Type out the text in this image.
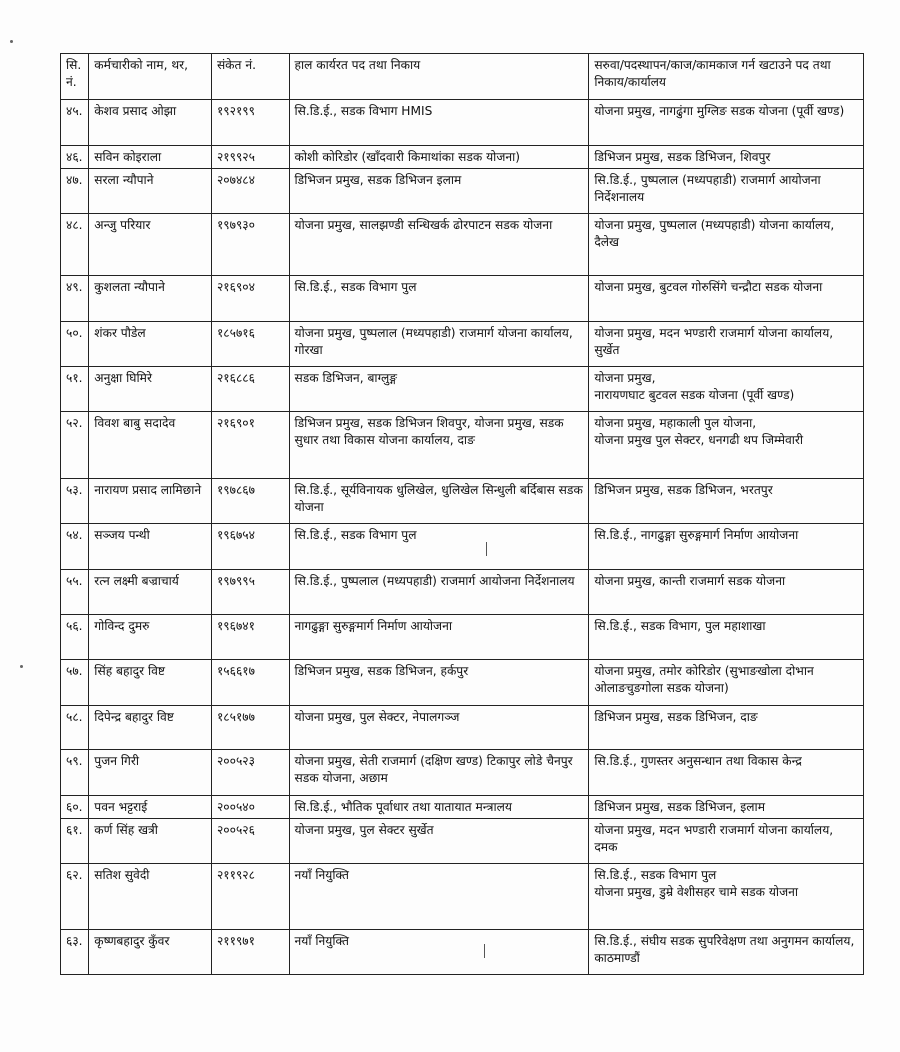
सि. नं.	कर्मचारीको नाम, थर,	संकेत नं.	हाल कार्यरत पद तथा निकाय	सरुवा/पदस्थापन/काज/कामकाज गर्न खटाउने पद तथा निकाय/कार्यालय
४५.	केशव प्रसाद ओझा	१९२१९९	सि.डि.ई., सडक विभाग HMIS	योजना प्रमुख, नागढुंगा मुग्लिङ सडक योजना (पूर्वी खण्ड)

४६.	सविन कोइराला	२१९९२५	कोशी कोरिडोर (खाँदवारी किमाथांका सडक योजना)	डिभिजन प्रमुख, सडक डिभिजन, शिवपुर

४७.	सरला न्यौपाने	२०७४८४	डिभिजन प्रमुख, सडक डिभिजन इलाम	सि.डि.ई., पुष्पलाल (मध्यपहाडी) राजमार्ग आयोजना निर्देशनालय

४८.	अन्जु परियार	१९७९३०	योजना प्रमुख, सालझण्डी सन्धिखर्क ढोरपाटन सडक योजना	योजना प्रमुख, पुष्पलाल (मध्यपहाडी) योजना कार्यालय, दैलेख

४९.	कुशलता न्यौपाने	२१६९०४	सि.डि.ई., सडक विभाग पुल	योजना प्रमुख, बुटवल गोरुसिंगे चन्द्रौटा सडक योजना

५०.	शंकर पौडेल	१८५७१६	योजना प्रमुख, पुष्पलाल (मध्यपहाडी) राजमार्ग योजना कार्यालय, गोरखा	योजना प्रमुख, मदन भण्डारी राजमार्ग योजना कार्यालय, सुर्खेत

५१.	अनुक्षा घिमिरे	२१६८८६	सडक डिभिजन, बाग्लुङ्ग	योजना प्रमुख,
नारायणघाट बुटवल सडक योजना (पूर्वी खण्ड)

५२.	विवश बाबु सदादेव	२१६९०१	डिभिजन प्रमुख, सडक डिभिजन शिवपुर, योजना प्रमुख, सडक सुधार तथा विकास योजना कार्यालय, दाङ	योजना प्रमुख, महाकाली पुल योजना,
योजना प्रमुख पुल सेक्टर, धनगढी थप जिम्मेवारी

५३.	नारायण प्रसाद लामिछाने	१९७८६७	सि.डि.ई., सूर्यविनायक धुलिखेल, धुलिखेल सिन्धुली बर्दिबास सडक योजना	डिभिजन प्रमुख, सडक डिभिजन, भरतपुर

५४.	सञ्जय पन्थी	१९६७५४	सि.डि.ई., सडक विभाग पुल	सि.डि.ई., नागढुङ्गा सुरुङ्गमार्ग निर्माण आयोजना

५५.	रत्न लक्ष्मी बज्राचार्य	१९७९९५	सि.डि.ई., पुष्पलाल (मध्यपहाडी) राजमार्ग आयोजना निर्देशनालय	योजना प्रमुख, कान्ती राजमार्ग सडक योजना

५६.	गोविन्द दुमरु	१९६७४१	नागढुङ्गा सुरुङ्गमार्ग निर्माण आयोजना	सि.डि.ई., सडक विभाग, पुल महाशाखा

५७.	सिंह बहादुर विष्ट	१५६६१७	डिभिजन प्रमुख, सडक डिभिजन, हर्कपुर	योजना प्रमुख, तमोर कोरिडोर (सुभाङखोला दोभान ओलाङचुङगोला सडक योजना)

५८.	दिपेन्द्र बहादुर विष्ट	१८५१७७	योजना प्रमुख, पुल सेक्टर, नेपालगञ्ज	डिभिजन प्रमुख, सडक डिभिजन, दाङ

५९.	पुजन गिरी	२००५२३	योजना प्रमुख, सेती राजमार्ग (दक्षिण खण्ड) टिकापुर लोडे चैनपुर सडक योजना, अछाम	सि.डि.ई., गुणस्तर अनुसन्धान तथा विकास केन्द्र

६०.	पवन भट्टराई	२००५४०	सि.डि.ई., भौतिक पूर्वाधार तथा यातायात मन्त्रालय	डिभिजन प्रमुख, सडक डिभिजन, इलाम

६१.	कर्ण सिंह खत्री	२००५२६	योजना प्रमुख, पुल सेक्टर सुर्खेत	योजना प्रमुख, मदन भण्डारी राजमार्ग योजना कार्यालय, दमक

६२.	सतिश सुवेदी	२११९२८	नयाँ नियुक्ति	सि.डि.ई., सडक विभाग पुल
योजना प्रमुख, डुम्रे वेशीसहर चामे सडक योजना

६३.	कृष्णबहादुर कुँवर	२११९७१	नयाँ नियुक्ति	सि.डि.ई., संघीय सडक सुपरिवेक्षण तथा अनुगमन कार्यालय, काठमाण्डौं
